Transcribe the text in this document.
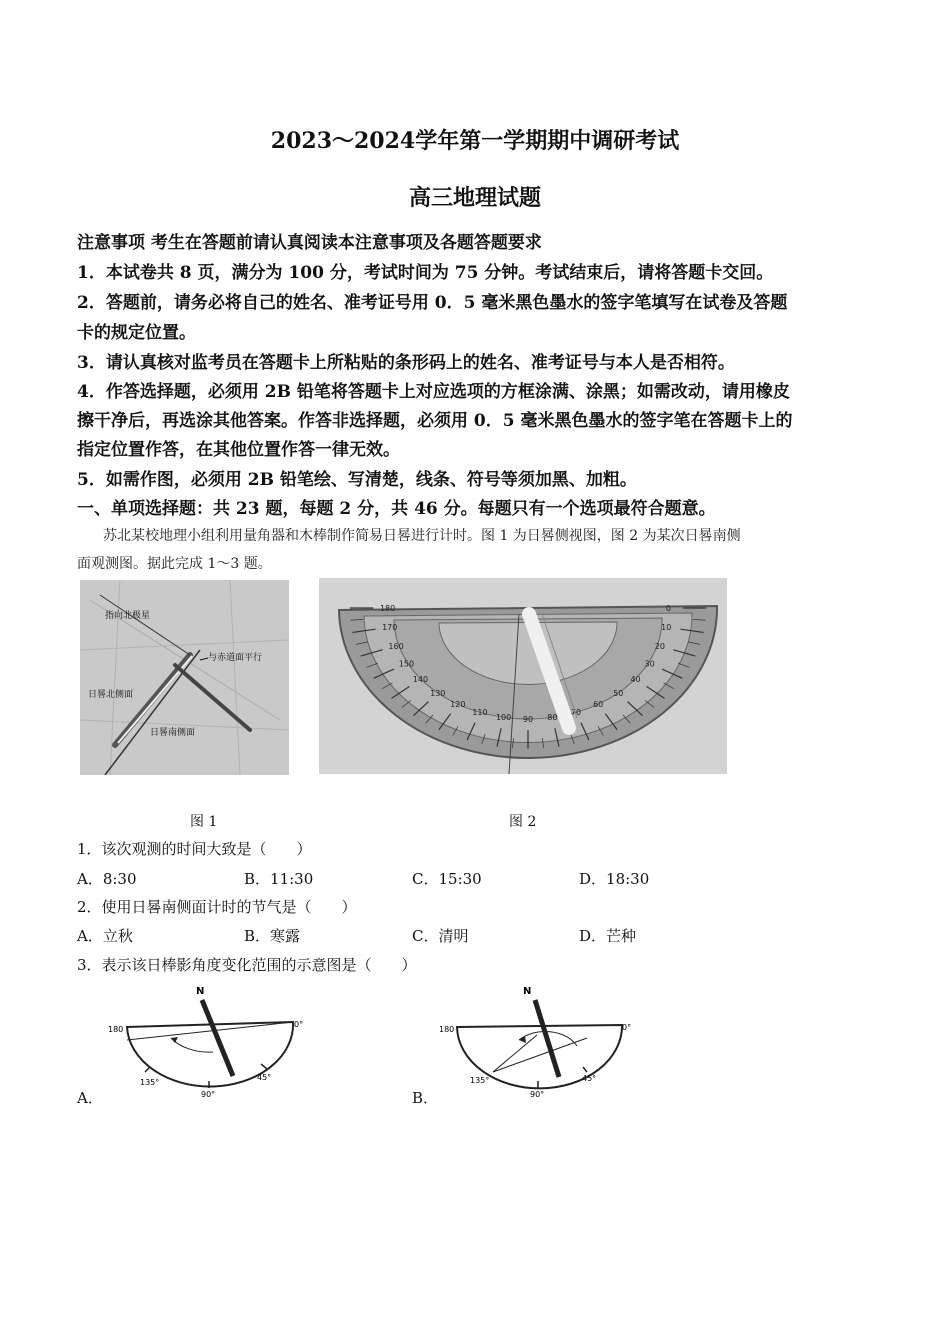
2023～2024学年第一学期期中调研考试
高三地理试题
注意事项 考生在答题前请认真阅读本注意事项及各题答题要求
1．本试卷共 8 页，满分为 100 分，考试时间为 75 分钟。考试结束后，请将答题卡交回。
2．答题前，请务必将自己的姓名、准考证号用 0．5 毫米黑色墨水的签字笔填写在试卷及答题
卡的规定位置。
3．请认真核对监考员在答题卡上所粘贴的条形码上的姓名、准考证号与本人是否相符。
4．作答选择题，必须用 2B 铅笔将答题卡上对应选项的方框涂满、涂黑；如需改动，请用橡皮
擦干净后，再选涂其他答案。作答非选择题，必须用 0．5 毫米黑色墨水的签字笔在答题卡上的
指定位置作答，在其他位置作答一律无效。
5．如需作图，必须用 2B 铅笔绘、写清楚，线条、符号等须加黑、加粗。
一、单项选择题：共 23 题，每题 2 分，共 46 分。每题只有一个选项最符合题意。
苏北某校地理小组利用量角器和木棒制作简易日晷进行计时。图 1 为日晷侧视图，图 2 为某次日晷南侧
面观测图。据此完成 1～3 题。
指向北极星
与赤道面平行
日晷北侧面
日晷南侧面
180
170
160
150
140
130
120
110
100 90 80
70
60
50
40
30
20
10
0
图 1	图 2
1．该次观测的时间大致是（　　）
A．8:30	B．11:30	C．15:30	D．18:30
2．使用日晷南侧面计时的节气是（　　）
A．立秋	B．寒露	C．清明	D．芒种
3．表示该日棒影角度变化范围的示意图是（　　）
N
180
0°
135°
90°
45°
A．
N
180	0°
135°
90°
45°
B．
